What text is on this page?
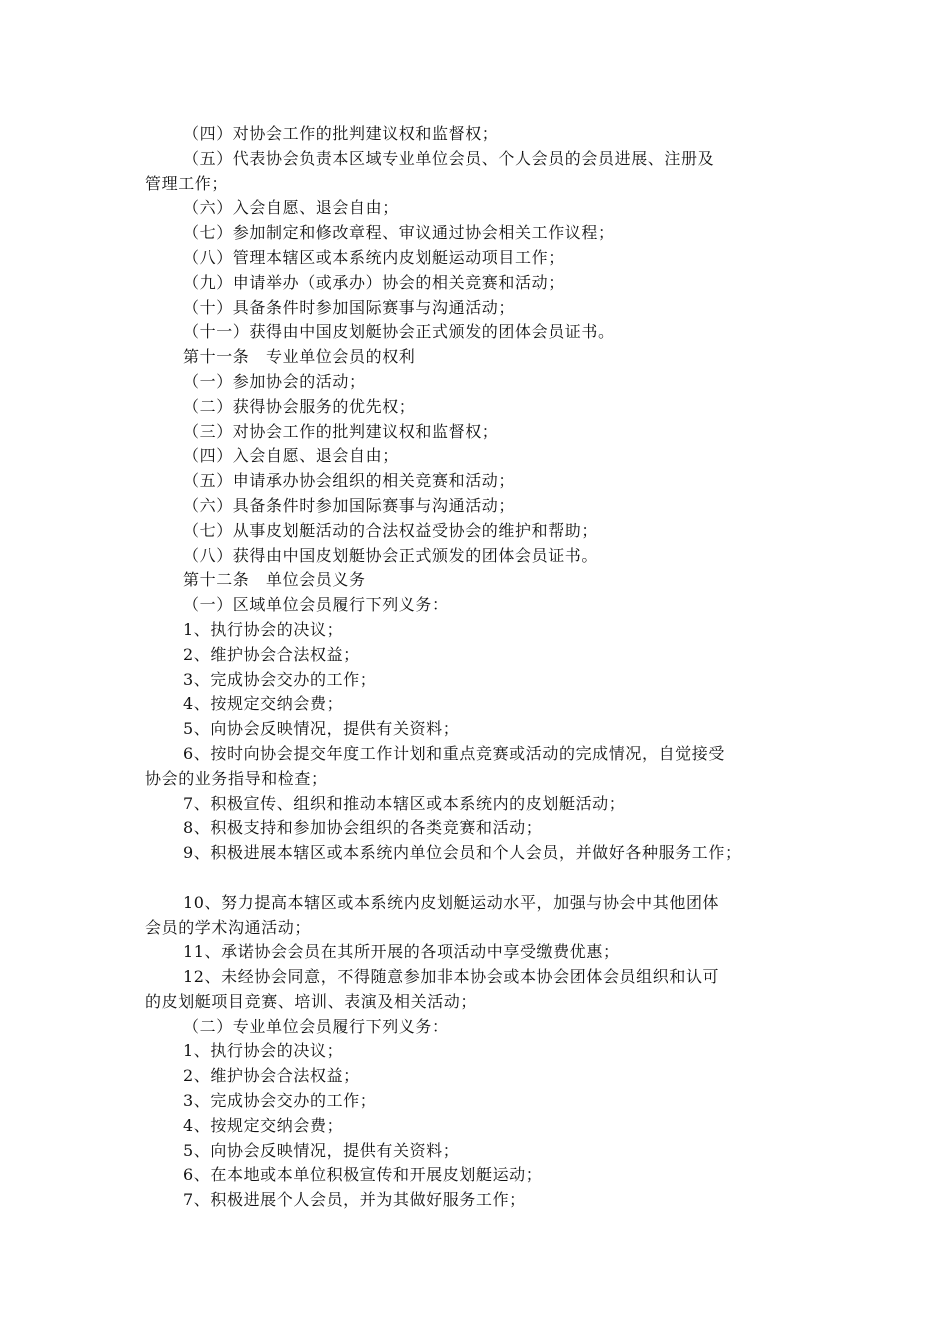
（四）对协会工作的批判建议权和监督权；
（五）代表协会负责本区域专业单位会员、个人会员的会员进展、注册及
管理工作；
（六）入会自愿、退会自由；
（七）参加制定和修改章程、审议通过协会相关工作议程；
（八）管理本辖区或本系统内皮划艇运动项目工作；
（九）申请举办（或承办）协会的相关竞赛和活动；
（十）具备条件时参加国际赛事与沟通活动；
（十一）获得由中国皮划艇协会正式颁发的团体会员证书。
第十一条　专业单位会员的权利
（一）参加协会的活动；
（二）获得协会服务的优先权；
（三）对协会工作的批判建议权和监督权；
（四）入会自愿、退会自由；
（五）申请承办协会组织的相关竞赛和活动；
（六）具备条件时参加国际赛事与沟通活动；
（七）从事皮划艇活动的合法权益受协会的维护和帮助；
（八）获得由中国皮划艇协会正式颁发的团体会员证书。
第十二条　单位会员义务
（一）区域单位会员履行下列义务：
1、执行协会的决议；
2、维护协会合法权益；
3、完成协会交办的工作；
4、按规定交纳会费；
5、向协会反映情况，提供有关资料；
6、按时向协会提交年度工作计划和重点竞赛或活动的完成情况，自觉接受
协会的业务指导和检查；
7、积极宣传、组织和推动本辖区或本系统内的皮划艇活动；
8、积极支持和参加协会组织的各类竞赛和活动；
9、积极进展本辖区或本系统内单位会员和个人会员，并做好各种服务工作；
10、努力提高本辖区或本系统内皮划艇运动水平，加强与协会中其他团体
会员的学术沟通活动；
11、承诺协会会员在其所开展的各项活动中享受缴费优惠；
12、未经协会同意，不得随意参加非本协会或本协会团体会员组织和认可
的皮划艇项目竞赛、培训、表演及相关活动；
（二）专业单位会员履行下列义务：
1、执行协会的决议；
2、维护协会合法权益；
3、完成协会交办的工作；
4、按规定交纳会费；
5、向协会反映情况，提供有关资料；
6、在本地或本单位积极宣传和开展皮划艇运动；
7、积极进展个人会员，并为其做好服务工作；
